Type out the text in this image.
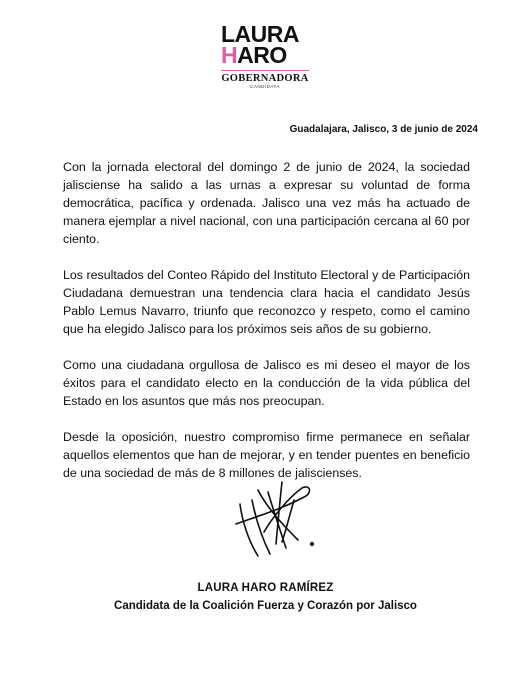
LAURA
HARO
GOBERNADORA
CANDIDATA
Guadalajara, Jalisco, 3 de junio de 2024

Con la jornada electoral del domingo 2 de junio de 2024, la sociedad jalisciense ha salido a las urnas a expresar su voluntad de forma democrática, pacífica y ordenada. Jalisco una vez más ha actuado de manera ejemplar a nivel nacional, con una participación cercana al 60 por ciento.

Los resultados del Conteo Rápido del Instituto Electoral y de Participación Ciudadana demuestran una tendencia clara hacia el candidato Jesús Pablo Lemus Navarro, triunfo que reconozco y respeto, como el camino que ha elegido Jalisco para los próximos seis años de su gobierno.

Como una ciudadana orgullosa de Jalisco es mi deseo el mayor de los éxitos para el candidato electo en la conducción de la vida pública del Estado en los asuntos que más nos preocupan.

Desde la oposición, nuestro compromiso firme permanece en señalar aquellos elementos que han de mejorar, y en tender puentes en beneficio de una sociedad de más de 8 millones de jaliscienses.

LAURA HARO RAMÍREZ
Candidata de la Coalición Fuerza y Corazón por Jalisco
